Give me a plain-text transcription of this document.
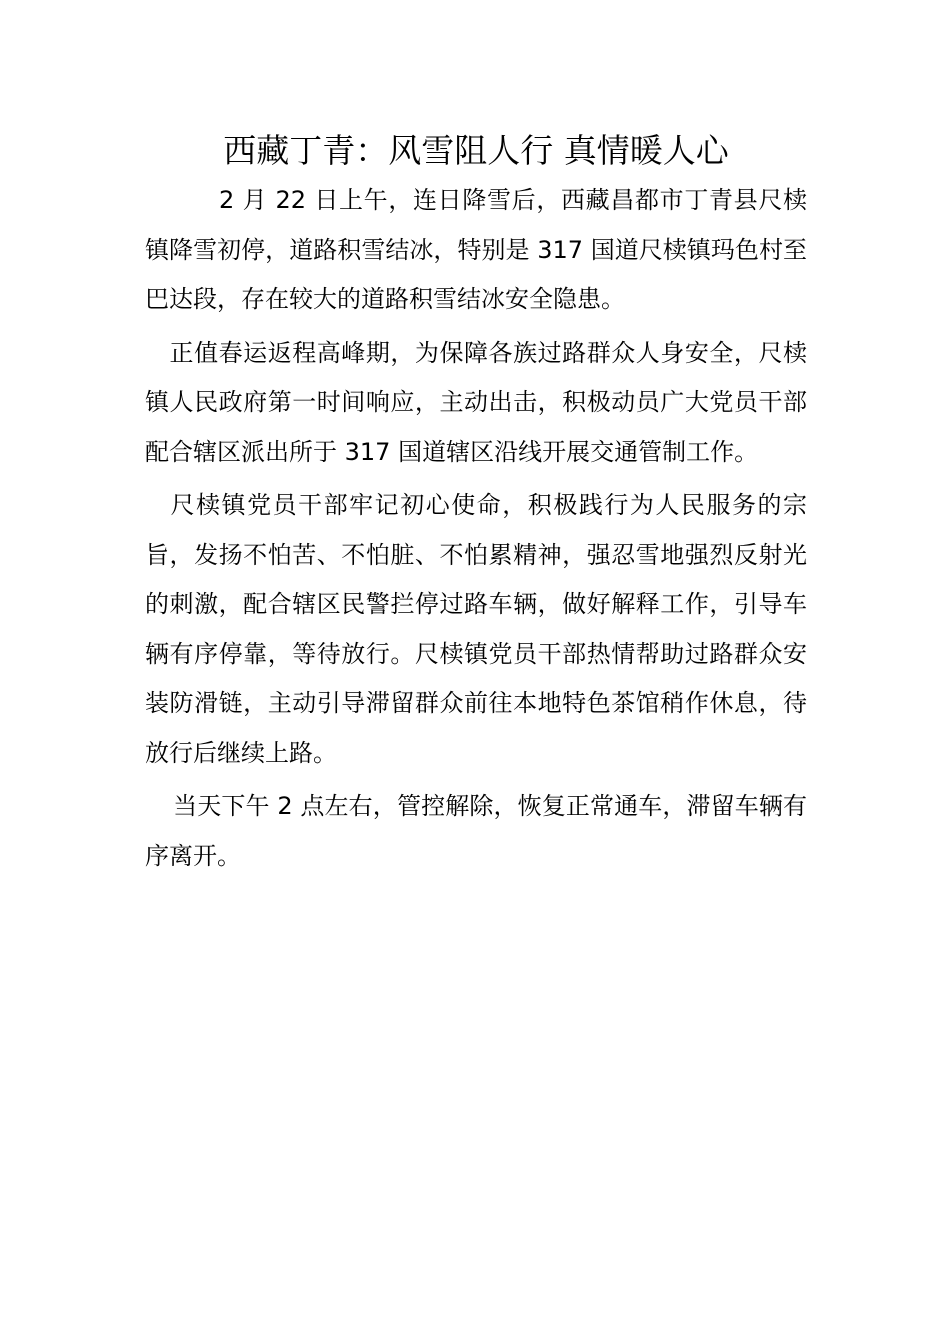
西藏丁青：风雪阻人行 真情暖人心

2 月 22 日上午，连日降雪后，西藏昌都市丁青县尺椟镇降雪初停，道路积雪结冰，特别是 317 国道尺椟镇玛色村至巴达段，存在较大的道路积雪结冰安全隐患。

正值春运返程高峰期，为保障各族过路群众人身安全，尺椟镇人民政府第一时间响应，主动出击，积极动员广大党员干部配合辖区派出所于 317 国道辖区沿线开展交通管制工作。

尺椟镇党员干部牢记初心使命，积极践行为人民服务的宗旨，发扬不怕苦、不怕脏、不怕累精神，强忍雪地强烈反射光的刺激，配合辖区民警拦停过路车辆，做好解释工作，引导车辆有序停靠，等待放行。尺椟镇党员干部热情帮助过路群众安装防滑链，主动引导滞留群众前往本地特色茶馆稍作休息，待放行后继续上路。

当天下午 2 点左右，管控解除，恢复正常通车，滞留车辆有序离开。
